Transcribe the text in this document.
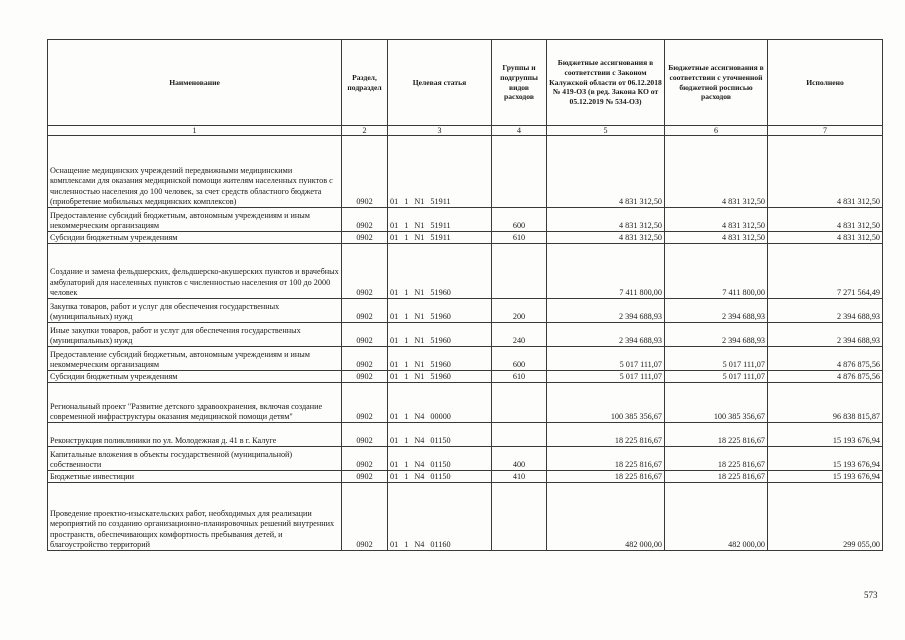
Наименование	Раздел, подраздел	Целевая статья	Группы и подгруппы видов расходов	Бюджетные ассигнования в соответствии с Законом Калужской области от 06.12.2018 № 419-ОЗ (в ред. Закона КО от 05.12.2019 № 534-ОЗ)	Бюджетные ассигнования в соответствии с уточненной бюджетной росписью расходов	Исполнено
1	2	3	4	5	6	7
Оснащение медицинских учреждений передвижными медицинскими комплексами для оказания медицинской помощи жителям населенных пунктов с численностью населения до 100 человек, за счет средств областного бюджета (приобретение мобильных медицинских комплексов)	0902	01 1 N1 51911		4 831 312,50	4 831 312,50	4 831 312,50
Предоставление субсидий бюджетным, автономным учреждениям и иным некоммерческим организациям	0902	01 1 N1 51911	600	4 831 312,50	4 831 312,50	4 831 312,50
Субсидии бюджетным учреждениям	0902	01 1 N1 51911	610	4 831 312,50	4 831 312,50	4 831 312,50
Создание и замена фельдшерских, фельдшерско-акушерских пунктов и врачебных амбулаторий для населенных пунктов с численностью населения от 100 до 2000 человек	0902	01 1 N1 51960		7 411 800,00	7 411 800,00	7 271 564,49
Закупка товаров, работ и услуг для обеспечения государственных (муниципальных) нужд	0902	01 1 N1 51960	200	2 394 688,93	2 394 688,93	2 394 688,93
Иные закупки товаров, работ и услуг для обеспечения государственных (муниципальных) нужд	0902	01 1 N1 51960	240	2 394 688,93	2 394 688,93	2 394 688,93
Предоставление субсидий бюджетным, автономным учреждениям и иным некоммерческим организациям	0902	01 1 N1 51960	600	5 017 111,07	5 017 111,07	4 876 875,56
Субсидии бюджетным учреждениям	0902	01 1 N1 51960	610	5 017 111,07	5 017 111,07	4 876 875,56
Региональный проект "Развитие детского здравоохранения, включая создание современной инфраструктуры оказания медицинской помощи детям"	0902	01 1 N4 00000		100 385 356,67	100 385 356,67	96 838 815,87
Реконструкция поликлиники по ул. Молодежная д. 41 в г. Калуге	0902	01 1 N4 01150		18 225 816,67	18 225 816,67	15 193 676,94
Капитальные вложения в объекты государственной (муниципальной) собственности	0902	01 1 N4 01150	400	18 225 816,67	18 225 816,67	15 193 676,94
Бюджетные инвестиции	0902	01 1 N4 01150	410	18 225 816,67	18 225 816,67	15 193 676,94
Проведение проектно-изыскательских работ, необходимых для реализации мероприятий по созданию организационно-планировочных решений внутренних пространств, обеспечивающих комфортность пребывания детей, и благоустройство территорий	0902	01 1 N4 01160		482 000,00	482 000,00	299 055,00
573
